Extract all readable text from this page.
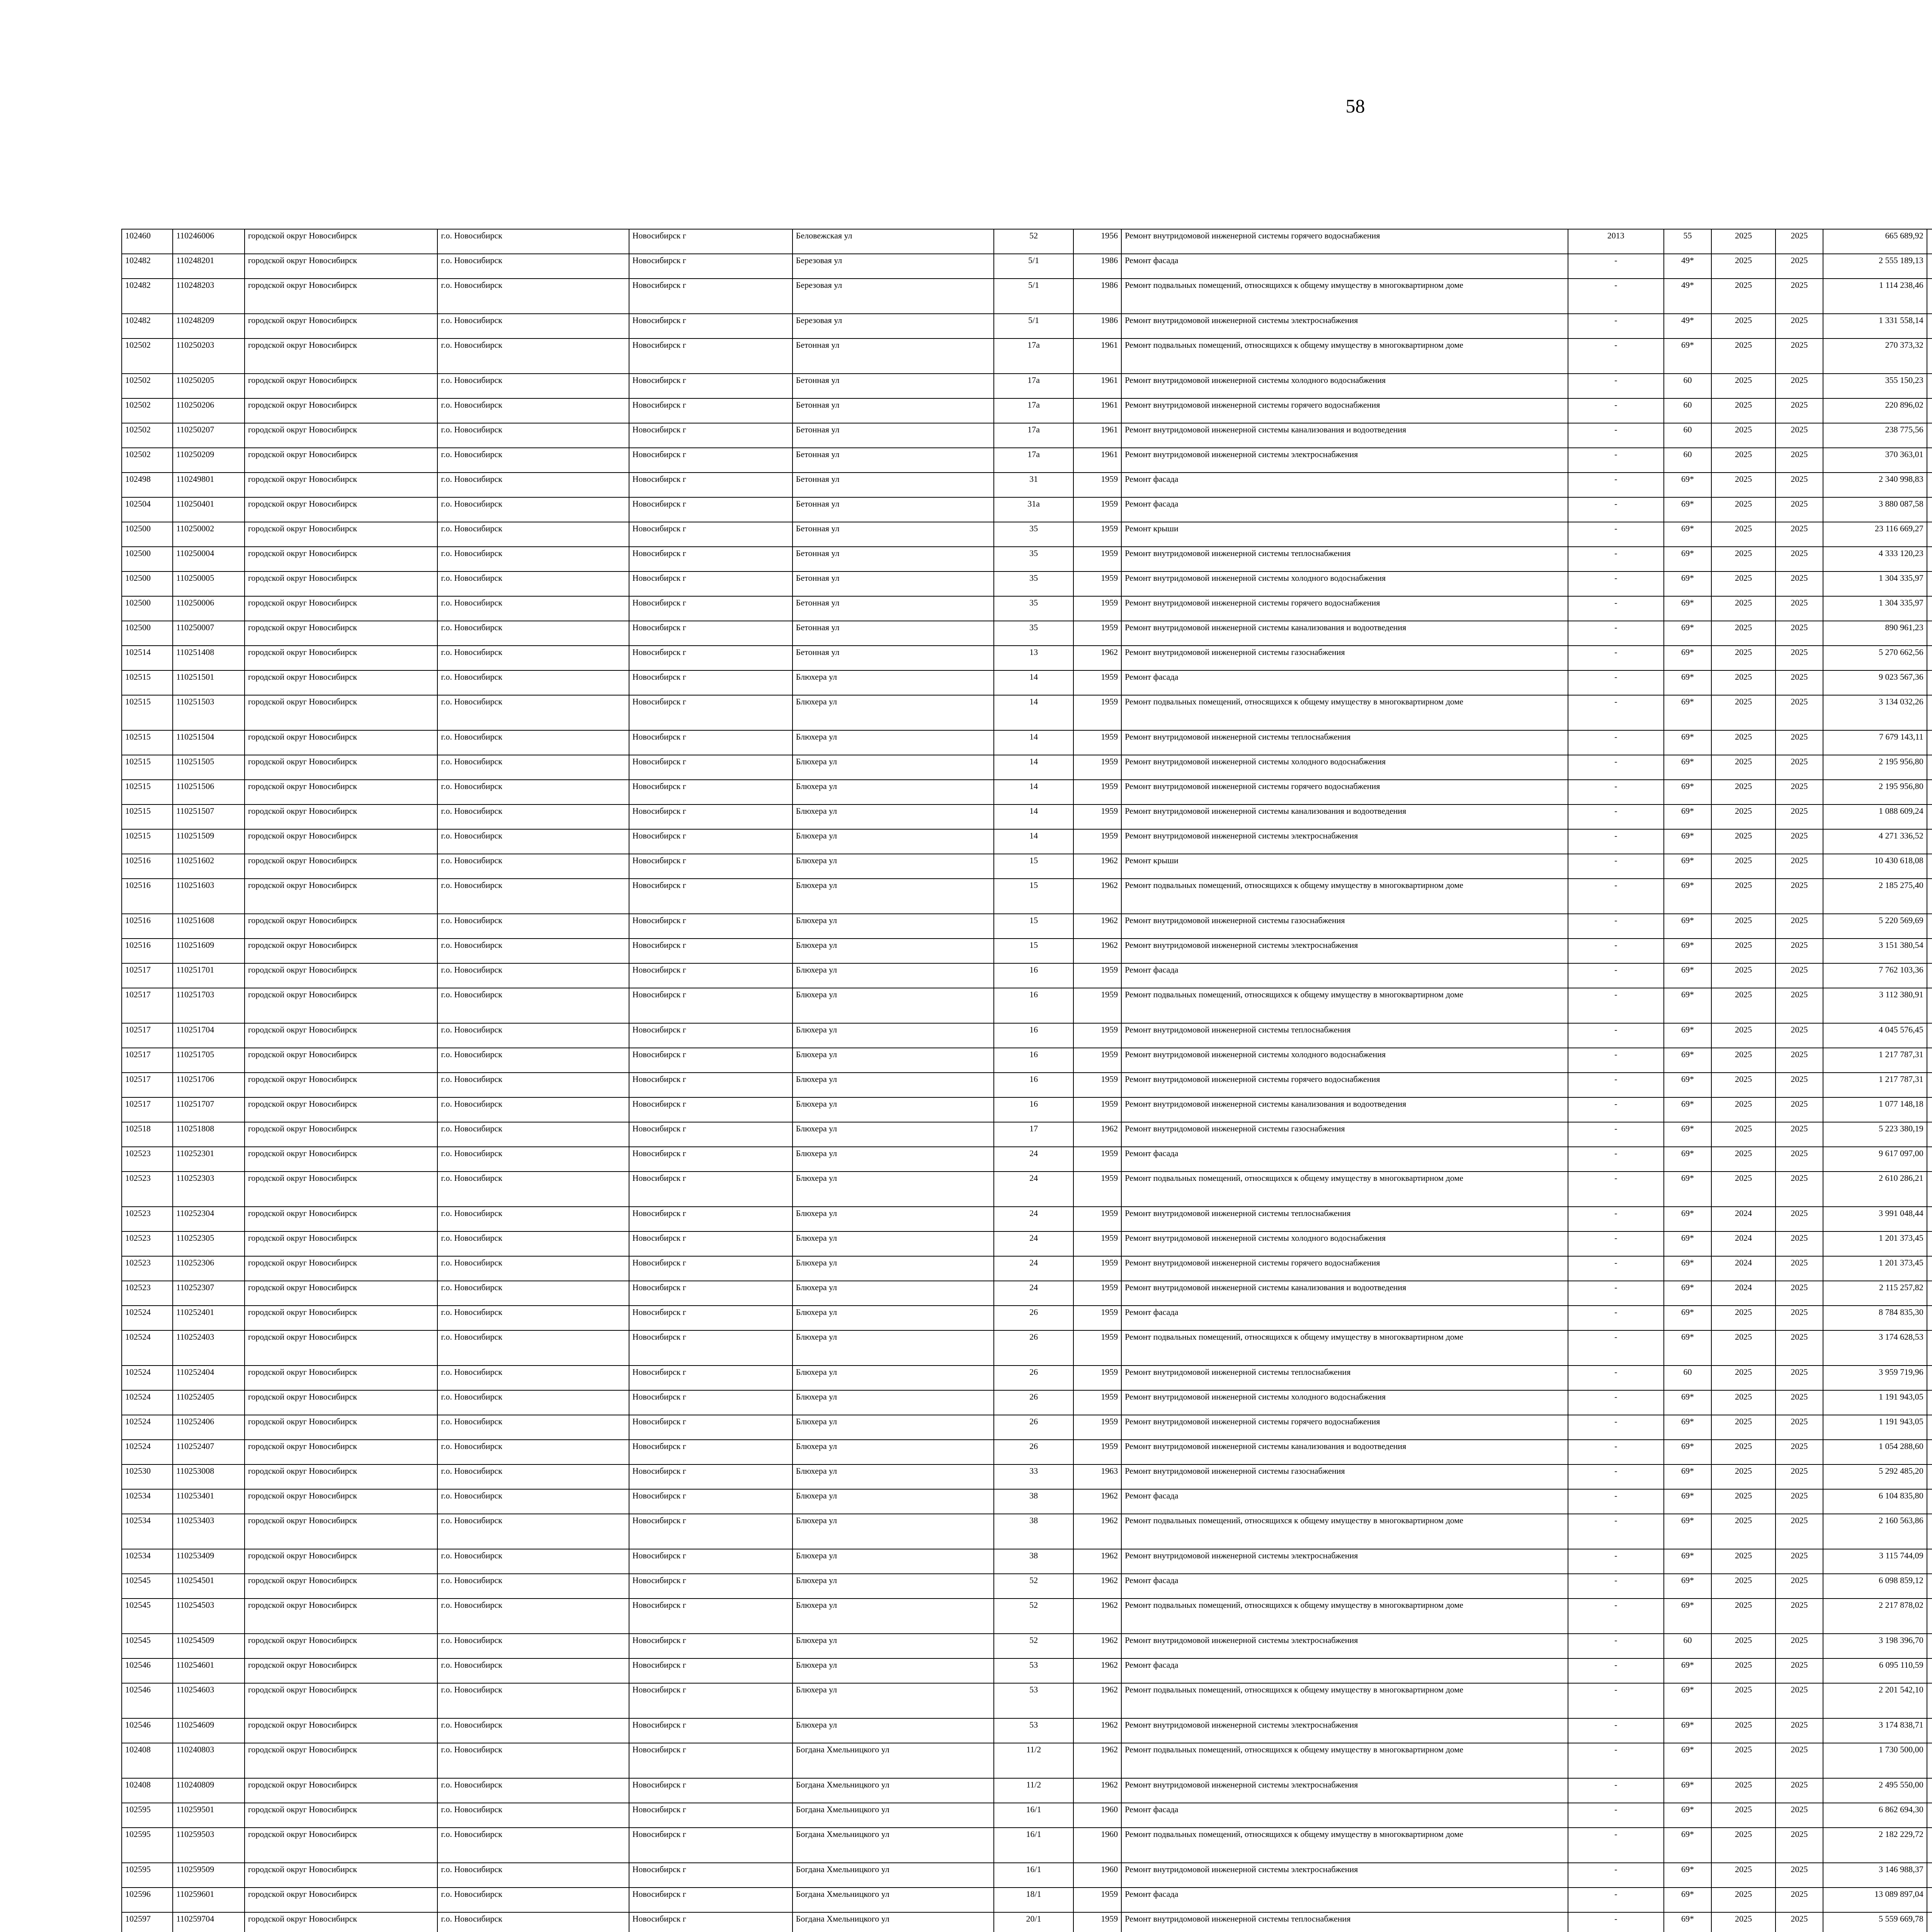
58
102460	110246006	городской округ Новосибирск	г.о. Новосибирск	Новосибирск г	Беловежская ул	52	1956	Ремонт внутридомовой инженерной системы горячего водоснабжения	2013	55	2025	2025	665 689,92							
102482	110248201	городской округ Новосибирск	г.о. Новосибирск	Новосибирск г	Березовая ул	5/1	1986	Ремонт фасада	-	49*	2025	2025	2 555 189,13							
102482	110248203	городской округ Новосибирск	г.о. Новосибирск	Новосибирск г	Березовая ул	5/1	1986	Ремонт подвальных помещений, относящихся к общему имуществу в многоквартирном доме	-	49*	2025	2025	1 114 238,46							
102482	110248209	городской округ Новосибирск	г.о. Новосибирск	Новосибирск г	Березовая ул	5/1	1986	Ремонт внутридомовой инженерной системы электроснабжения	-	49*	2025	2025	1 331 558,14							
102502	110250203	городской округ Новосибирск	г.о. Новосибирск	Новосибирск г	Бетонная ул	17а	1961	Ремонт подвальных помещений, относящихся к общему имуществу в многоквартирном доме	-	69*	2025	2025	270 373,32							
102502	110250205	городской округ Новосибирск	г.о. Новосибирск	Новосибирск г	Бетонная ул	17а	1961	Ремонт внутридомовой инженерной системы холодного водоснабжения	-	60	2025	2025	355 150,23							
102502	110250206	городской округ Новосибирск	г.о. Новосибирск	Новосибирск г	Бетонная ул	17а	1961	Ремонт внутридомовой инженерной системы горячего водоснабжения	-	60	2025	2025	220 896,02							
102502	110250207	городской округ Новосибирск	г.о. Новосибирск	Новосибирск г	Бетонная ул	17а	1961	Ремонт внутридомовой инженерной системы канализования и водоотведения	-	60	2025	2025	238 775,56							
102502	110250209	городской округ Новосибирск	г.о. Новосибирск	Новосибирск г	Бетонная ул	17а	1961	Ремонт внутридомовой инженерной системы электроснабжения	-	60	2025	2025	370 363,01							
102498	110249801	городской округ Новосибирск	г.о. Новосибирск	Новосибирск г	Бетонная ул	31	1959	Ремонт фасада	-	69*	2025	2025	2 340 998,83							
102504	110250401	городской округ Новосибирск	г.о. Новосибирск	Новосибирск г	Бетонная ул	31а	1959	Ремонт фасада	-	69*	2025	2025	3 880 087,58							
102500	110250002	городской округ Новосибирск	г.о. Новосибирск	Новосибирск г	Бетонная ул	35	1959	Ремонт крыши	-	69*	2025	2025	23 116 669,27							
102500	110250004	городской округ Новосибирск	г.о. Новосибирск	Новосибирск г	Бетонная ул	35	1959	Ремонт внутридомовой инженерной системы теплоснабжения	-	69*	2025	2025	4 333 120,23							
102500	110250005	городской округ Новосибирск	г.о. Новосибирск	Новосибирск г	Бетонная ул	35	1959	Ремонт внутридомовой инженерной системы холодного водоснабжения	-	69*	2025	2025	1 304 335,97							
102500	110250006	городской округ Новосибирск	г.о. Новосибирск	Новосибирск г	Бетонная ул	35	1959	Ремонт внутридомовой инженерной системы горячего водоснабжения	-	69*	2025	2025	1 304 335,97							
102500	110250007	городской округ Новосибирск	г.о. Новосибирск	Новосибирск г	Бетонная ул	35	1959	Ремонт внутридомовой инженерной системы канализования и водоотведения	-	69*	2025	2025	890 961,23							
102514	110251408	городской округ Новосибирск	г.о. Новосибирск	Новосибирск г	Бетонная ул	13	1962	Ремонт внутридомовой инженерной системы газоснабжения	-	69*	2025	2025	5 270 662,56							
102515	110251501	городской округ Новосибирск	г.о. Новосибирск	Новосибирск г	Блюхера ул	14	1959	Ремонт фасада	-	69*	2025	2025	9 023 567,36							
102515	110251503	городской округ Новосибирск	г.о. Новосибирск	Новосибирск г	Блюхера ул	14	1959	Ремонт подвальных помещений, относящихся к общему имуществу в многоквартирном доме	-	69*	2025	2025	3 134 032,26							
102515	110251504	городской округ Новосибирск	г.о. Новосибирск	Новосибирск г	Блюхера ул	14	1959	Ремонт внутридомовой инженерной системы теплоснабжения	-	69*	2025	2025	7 679 143,11							
102515	110251505	городской округ Новосибирск	г.о. Новосибирск	Новосибирск г	Блюхера ул	14	1959	Ремонт внутридомовой инженерной системы холодного водоснабжения	-	69*	2025	2025	2 195 956,80							
102515	110251506	городской округ Новосибирск	г.о. Новосибирск	Новосибирск г	Блюхера ул	14	1959	Ремонт внутридомовой инженерной системы горячего водоснабжения	-	69*	2025	2025	2 195 956,80							
102515	110251507	городской округ Новосибирск	г.о. Новосибирск	Новосибирск г	Блюхера ул	14	1959	Ремонт внутридомовой инженерной системы канализования и водоотведения	-	69*	2025	2025	1 088 609,24							
102515	110251509	городской округ Новосибирск	г.о. Новосибирск	Новосибирск г	Блюхера ул	14	1959	Ремонт внутридомовой инженерной системы электроснабжения	-	69*	2025	2025	4 271 336,52							
102516	110251602	городской округ Новосибирск	г.о. Новосибирск	Новосибирск г	Блюхера ул	15	1962	Ремонт крыши	-	69*	2025	2025	10 430 618,08							
102516	110251603	городской округ Новосибирск	г.о. Новосибирск	Новосибирск г	Блюхера ул	15	1962	Ремонт подвальных помещений, относящихся к общему имуществу в многоквартирном доме	-	69*	2025	2025	2 185 275,40							
102516	110251608	городской округ Новосибирск	г.о. Новосибирск	Новосибирск г	Блюхера ул	15	1962	Ремонт внутридомовой инженерной системы газоснабжения	-	69*	2025	2025	5 220 569,69							
102516	110251609	городской округ Новосибирск	г.о. Новосибирск	Новосибирск г	Блюхера ул	15	1962	Ремонт внутридомовой инженерной системы электроснабжения	-	69*	2025	2025	3 151 380,54							
102517	110251701	городской округ Новосибирск	г.о. Новосибирск	Новосибирск г	Блюхера ул	16	1959	Ремонт фасада	-	69*	2025	2025	7 762 103,36							
102517	110251703	городской округ Новосибирск	г.о. Новосибирск	Новосибирск г	Блюхера ул	16	1959	Ремонт подвальных помещений, относящихся к общему имуществу в многоквартирном доме	-	69*	2025	2025	3 112 380,91							
102517	110251704	городской округ Новосибирск	г.о. Новосибирск	Новосибирск г	Блюхера ул	16	1959	Ремонт внутридомовой инженерной системы теплоснабжения	-	69*	2025	2025	4 045 576,45							
102517	110251705	городской округ Новосибирск	г.о. Новосибирск	Новосибирск г	Блюхера ул	16	1959	Ремонт внутридомовой инженерной системы холодного водоснабжения	-	69*	2025	2025	1 217 787,31							
102517	110251706	городской округ Новосибирск	г.о. Новосибирск	Новосибирск г	Блюхера ул	16	1959	Ремонт внутридомовой инженерной системы горячего водоснабжения	-	69*	2025	2025	1 217 787,31							
102517	110251707	городской округ Новосибирск	г.о. Новосибирск	Новосибирск г	Блюхера ул	16	1959	Ремонт внутридомовой инженерной системы канализования и водоотведения	-	69*	2025	2025	1 077 148,18							
102518	110251808	городской округ Новосибирск	г.о. Новосибирск	Новосибирск г	Блюхера ул	17	1962	Ремонт внутридомовой инженерной системы газоснабжения	-	69*	2025	2025	5 223 380,19							
102523	110252301	городской округ Новосибирск	г.о. Новосибирск	Новосибирск г	Блюхера ул	24	1959	Ремонт фасада	-	69*	2025	2025	9 617 097,00							
102523	110252303	городской округ Новосибирск	г.о. Новосибирск	Новосибирск г	Блюхера ул	24	1959	Ремонт подвальных помещений, относящихся к общему имуществу в многоквартирном доме	-	69*	2025	2025	2 610 286,21							
102523	110252304	городской округ Новосибирск	г.о. Новосибирск	Новосибирск г	Блюхера ул	24	1959	Ремонт внутридомовой инженерной системы теплоснабжения	-	69*	2024	2025	3 991 048,44							
102523	110252305	городской округ Новосибирск	г.о. Новосибирск	Новосибирск г	Блюхера ул	24	1959	Ремонт внутридомовой инженерной системы холодного водоснабжения	-	69*	2024	2025	1 201 373,45							
102523	110252306	городской округ Новосибирск	г.о. Новосибирск	Новосибирск г	Блюхера ул	24	1959	Ремонт внутридомовой инженерной системы горячего водоснабжения	-	69*	2024	2025	1 201 373,45							
102523	110252307	городской округ Новосибирск	г.о. Новосибирск	Новосибирск г	Блюхера ул	24	1959	Ремонт внутридомовой инженерной системы канализования и водоотведения	-	69*	2024	2025	2 115 257,82							
102524	110252401	городской округ Новосибирск	г.о. Новосибирск	Новосибирск г	Блюхера ул	26	1959	Ремонт фасада	-	69*	2025	2025	8 784 835,30							
102524	110252403	городской округ Новосибирск	г.о. Новосибирск	Новосибирск г	Блюхера ул	26	1959	Ремонт подвальных помещений, относящихся к общему имуществу в многоквартирном доме	-	69*	2025	2025	3 174 628,53							
102524	110252404	городской округ Новосибирск	г.о. Новосибирск	Новосибирск г	Блюхера ул	26	1959	Ремонт внутридомовой инженерной системы теплоснабжения	-	60	2025	2025	3 959 719,96							
102524	110252405	городской округ Новосибирск	г.о. Новосибирск	Новосибирск г	Блюхера ул	26	1959	Ремонт внутридомовой инженерной системы холодного водоснабжения	-	69*	2025	2025	1 191 943,05							
102524	110252406	городской округ Новосибирск	г.о. Новосибирск	Новосибирск г	Блюхера ул	26	1959	Ремонт внутридомовой инженерной системы горячего водоснабжения	-	69*	2025	2025	1 191 943,05							
102524	110252407	городской округ Новосибирск	г.о. Новосибирск	Новосибирск г	Блюхера ул	26	1959	Ремонт внутридомовой инженерной системы канализования и водоотведения	-	69*	2025	2025	1 054 288,60							
102530	110253008	городской округ Новосибирск	г.о. Новосибирск	Новосибирск г	Блюхера ул	33	1963	Ремонт внутридомовой инженерной системы газоснабжения	-	69*	2025	2025	5 292 485,20							
102534	110253401	городской округ Новосибирск	г.о. Новосибирск	Новосибирск г	Блюхера ул	38	1962	Ремонт фасада	-	69*	2025	2025	6 104 835,80							
102534	110253403	городской округ Новосибирск	г.о. Новосибирск	Новосибирск г	Блюхера ул	38	1962	Ремонт подвальных помещений, относящихся к общему имуществу в многоквартирном доме	-	69*	2025	2025	2 160 563,86							
102534	110253409	городской округ Новосибирск	г.о. Новосибирск	Новосибирск г	Блюхера ул	38	1962	Ремонт внутридомовой инженерной системы электроснабжения	-	69*	2025	2025	3 115 744,09							
102545	110254501	городской округ Новосибирск	г.о. Новосибирск	Новосибирск г	Блюхера ул	52	1962	Ремонт фасада	-	69*	2025	2025	6 098 859,12							
102545	110254503	городской округ Новосибирск	г.о. Новосибирск	Новосибирск г	Блюхера ул	52	1962	Ремонт подвальных помещений, относящихся к общему имуществу в многоквартирном доме	-	69*	2025	2025	2 217 878,02							
102545	110254509	городской округ Новосибирск	г.о. Новосибирск	Новосибирск г	Блюхера ул	52	1962	Ремонт внутридомовой инженерной системы электроснабжения	-	60	2025	2025	3 198 396,70							
102546	110254601	городской округ Новосибирск	г.о. Новосибирск	Новосибирск г	Блюхера ул	53	1962	Ремонт фасада	-	69*	2025	2025	6 095 110,59							
102546	110254603	городской округ Новосибирск	г.о. Новосибирск	Новосибирск г	Блюхера ул	53	1962	Ремонт подвальных помещений, относящихся к общему имуществу в многоквартирном доме	-	69*	2025	2025	2 201 542,10							
102546	110254609	городской округ Новосибирск	г.о. Новосибирск	Новосибирск г	Блюхера ул	53	1962	Ремонт внутридомовой инженерной системы электроснабжения	-	69*	2025	2025	3 174 838,71							
102408	110240803	городской округ Новосибирск	г.о. Новосибирск	Новосибирск г	Богдана Хмельницкого ул	11/2	1962	Ремонт подвальных помещений, относящихся к общему имуществу в многоквартирном доме	-	69*	2025	2025	1 730 500,00							
102408	110240809	городской округ Новосибирск	г.о. Новосибирск	Новосибирск г	Богдана Хмельницкого ул	11/2	1962	Ремонт внутридомовой инженерной системы электроснабжения	-	69*	2025	2025	2 495 550,00							
102595	110259501	городской округ Новосибирск	г.о. Новосибирск	Новосибирск г	Богдана Хмельницкого ул	16/1	1960	Ремонт фасада	-	69*	2025	2025	6 862 694,30							
102595	110259503	городской округ Новосибирск	г.о. Новосибирск	Новосибирск г	Богдана Хмельницкого ул	16/1	1960	Ремонт подвальных помещений, относящихся к общему имуществу в многоквартирном доме	-	69*	2025	2025	2 182 229,72							
102595	110259509	городской округ Новосибирск	г.о. Новосибирск	Новосибирск г	Богдана Хмельницкого ул	16/1	1960	Ремонт внутридомовой инженерной системы электроснабжения	-	69*	2025	2025	3 146 988,37							
102596	110259601	городской округ Новосибирск	г.о. Новосибирск	Новосибирск г	Богдана Хмельницкого ул	18/1	1959	Ремонт фасада	-	69*	2025	2025	13 089 897,04							
102597	110259704	городской округ Новосибирск	г.о. Новосибирск	Новосибирск г	Богдана Хмельницкого ул	20/1	1959	Ремонт внутридомовой инженерной системы теплоснабжения	-	69*	2025	2025	5 559 669,78							
